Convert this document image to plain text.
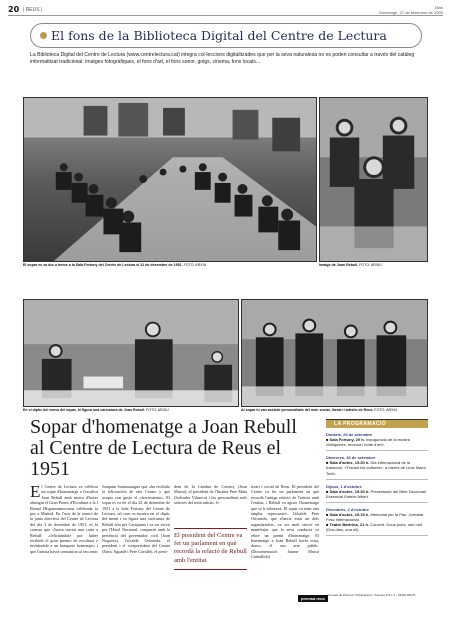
20 | REUS |	Diari
Diumenge, 27 de setembre de 2009
El fons de la Biblioteca Digital del Centre de Lectura

La Biblioteca Digital del Centre de Lectura (www.centrelectura.cat) integra col·leccions digitalitzades que per la seva naturalesa no es poden consultar a través del catàleg informatitzat tradicional: imatges fotogràfiques, el fons d'art, el fons sonor, goigs, cinema, fons locals...

El sopar es va dur a terme a la Sala Fortuny del Centre de Lectura el 22 de desembre de 1951. FOTO: ARXIU	Imatge de Joan Rebull. FOTO: ARXIU
En el díptic del menú del sopar, hi figura una caricatura de Joan Rebull. FOTO: ARXIU	Al sopar hi van assistir personalitats del món social, literari i artístic de Reus. FOTO: ARXIU
Sopar d'homenatge a Joan Rebull al Centre de Lectura de Reus el 1951
El Centre de Lectura va celebrar un sopar d'homenatge a l'escultor Joan Rebull amb motiu d'haver obtingut el Gran Premi d'Escultura a la I Bienal Hispanoamericana celebrada fa poc a Madrid. En l'acte de la reunió de la junta directiva del Centre de Lectura del dia 3 de desembre de 1951, es fa constar que s'havia tractat una carta a Rebull: «felicitándole por haber recibido el gran premio de escultura e invitándole a un banquete homenaje» i que l'artista havia comunicat al seu amic
Joaquim Santasusagna que «ha recibido la felicitación de este Centro y que acepta con gusto el ofrecimiento». El sopar es va fer el dia 22 de desembre de 1951 a la Sala Fortuny del Centre de Lectura, tal com es mostra en el díptic del menú i en figura una caricatura de Rebull feta per Casajuana i va ser servit per l'Hotel Nacional, compartit amb la presència del governador civil (Joan Noguera), l'alcalde Ortoneda, el president i el vicepresident del Centre (Enric Aguadé i Pere Cavallé), el presi-
dent de la Cambra de Comerç (Joan Massó), el president de l'Institut Pere Mata (Salvador Vilaseca) i les personalitats més selectes del món artístic, li-
El president del Centre va fer un parlament en què recordà la relació de Rebull amb l'entitat
terari i social de Reus. El president del Centre va fer un parlament en què recordà l'antiga relació de l'artista amb l'entitat, i Rebull va agrair l'homenatge que se li tributava. El sopar va tenir una àmplia repercussió: l'alcalde Pere Ortoneda, que n'havia estat un dels organitzadors, va ser molt sincer en manifestar que la seva conducta va rebre un premi d'homenatge. El homenatge a Joan Rebull havia estat, doncs, el seu acte públic. (Documentació: Jaume Massó Carballido)
LA PROGRAMACIÓ
Dimarts, 29 de setembre
■ Sala Fortuny, 20 h. Inauguració de la mostra «Màquines, recerca i fonts d'art».
Dimecres, 30 de setembre
■ Sala d'actes, 19.30 h. Dia internacional de la traducció. «Traduir les cultures», a càrrec de Lluís Maria Todó.
Dijous, 1 d'octubre
■ Sala d'actes, 19.30 h. Presentació del llibre Diccionari Essencial Esteve Albert.
Divendres, 2 d'octubre
■ Sala d'actes, 19.15 h. Memorial per la Pau. Jornada Fesc internacional.
■ Teatre Bartrina, 21 h. Concert: Dous jours, une nuit (Dos dies, una nit).
premsa reus
Consell de Premsa i Publicacions. Passeig Prim, 2 - 43202 REUS
